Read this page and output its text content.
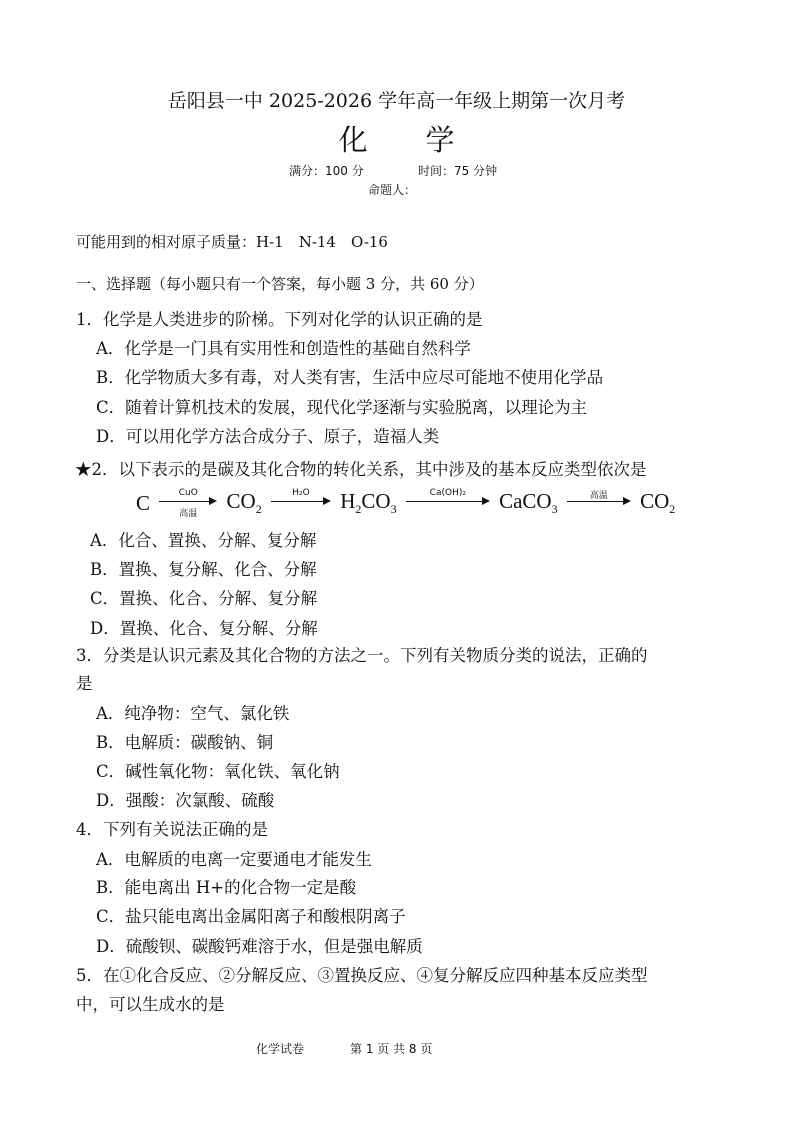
岳阳县一中 2025-2026 学年高一年级上期第一次月考
化学
满分：100 分	时间：75 分钟
命题人：
可能用到的相对原子质量：H-1　N-14　O-16
一、选择题（每小题只有一个答案，每小题 3 分，共 60 分）
1．化学是人类进步的阶梯。下列对化学的认识正确的是
A．化学是一门具有实用性和创造性的基础自然科学
B．化学物质大多有毒，对人类有害，生活中应尽可能地不使用化学品
C．随着计算机技术的发展，现代化学逐渐与实验脱离，以理论为主
D．可以用化学方法合成分子、原子，造福人类
★2．以下表示的是碳及其化合物的转化关系，其中涉及的基本反应类型依次是
C	CuO
高温
$CO_2$
H₂O	$H_2CO_3$
Ca(OH)₂	CaCO$_3$
高温	$CO_2$
A．化合、置换、分解、复分解
B．置换、复分解、化合、分解
C．置换、化合、分解、复分解
D．置换、化合、复分解、分解
3．分类是认识元素及其化合物的方法之一。下列有关物质分类的说法，正确的
是
A．纯净物：空气、氯化铁
B．电解质：碳酸钠、铜
C．碱性氧化物：氧化铁、氧化钠
D．强酸：次氯酸、硫酸
4．下列有关说法正确的是
A．电解质的电离一定要通电才能发生
B．能电离出 H+的化合物一定是酸
C．盐只能电离出金属阳离子和酸根阴离子
D．硫酸钡、碳酸钙难溶于水，但是强电解质
5．在①化合反应、②分解反应、③置换反应、④复分解反应四种基本反应类型
中，可以生成水的是
化学试卷	第 1 页 共 8 页
